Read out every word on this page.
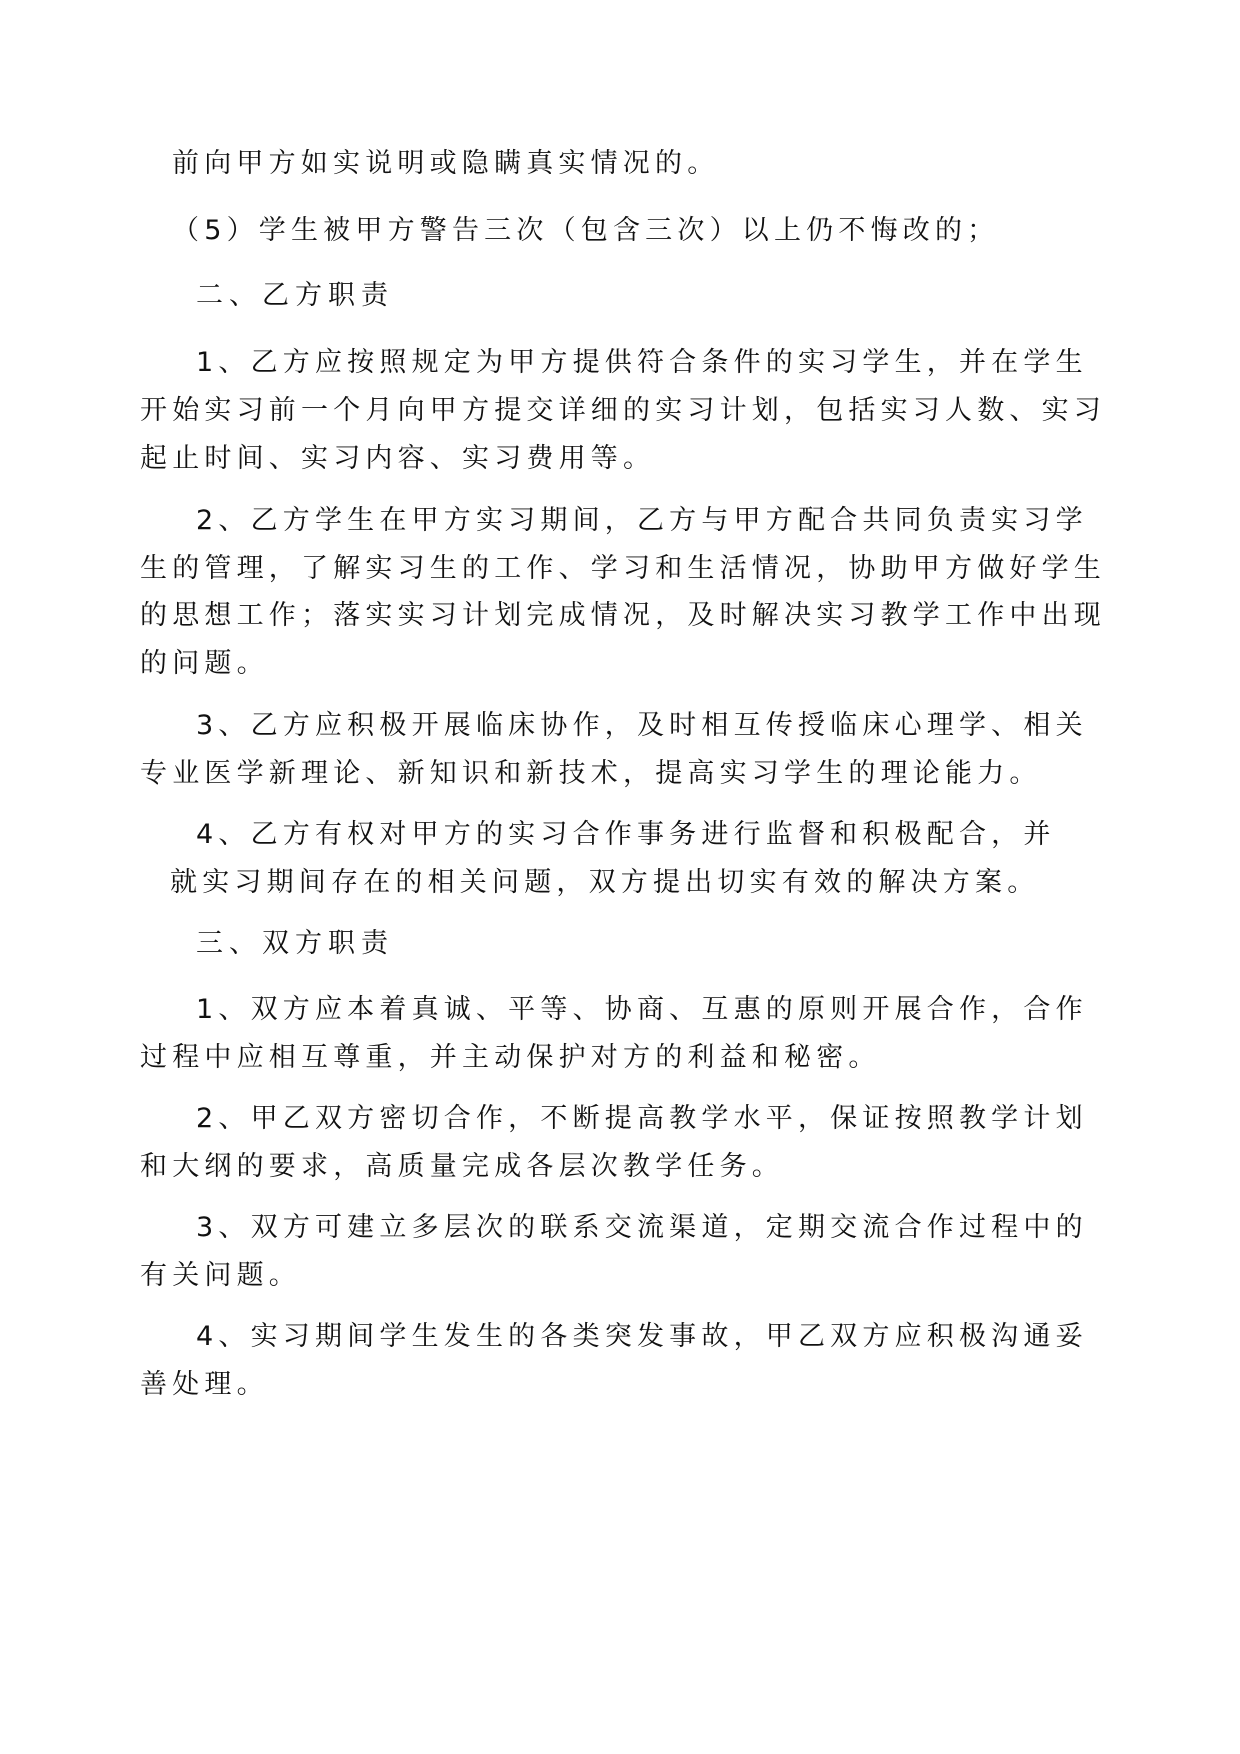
前向甲方如实说明或隐瞒真实情况的。
（5）学生被甲方警告三次（包含三次）以上仍不悔改的；
二、乙方职责
1、乙方应按照规定为甲方提供符合条件的实习学生，并在学生
开始实习前一个月向甲方提交详细的实习计划，包括实习人数、实习
起止时间、实习内容、实习费用等。
2、乙方学生在甲方实习期间，乙方与甲方配合共同负责实习学
生的管理，了解实习生的工作、学习和生活情况，协助甲方做好学生
的思想工作；落实实习计划完成情况，及时解决实习教学工作中出现
的问题。
3、乙方应积极开展临床协作，及时相互传授临床心理学、相关
专业医学新理论、新知识和新技术，提高实习学生的理论能力。
4、乙方有权对甲方的实习合作事务进行监督和积极配合，并
就实习期间存在的相关问题，双方提出切实有效的解决方案。
三、双方职责
1、双方应本着真诚、平等、协商、互惠的原则开展合作，合作
过程中应相互尊重，并主动保护对方的利益和秘密。
2、甲乙双方密切合作，不断提高教学水平，保证按照教学计划
和大纲的要求，高质量完成各层次教学任务。
3、双方可建立多层次的联系交流渠道，定期交流合作过程中的
有关问题。
4、实习期间学生发生的各类突发事故，甲乙双方应积极沟通妥
善处理。
